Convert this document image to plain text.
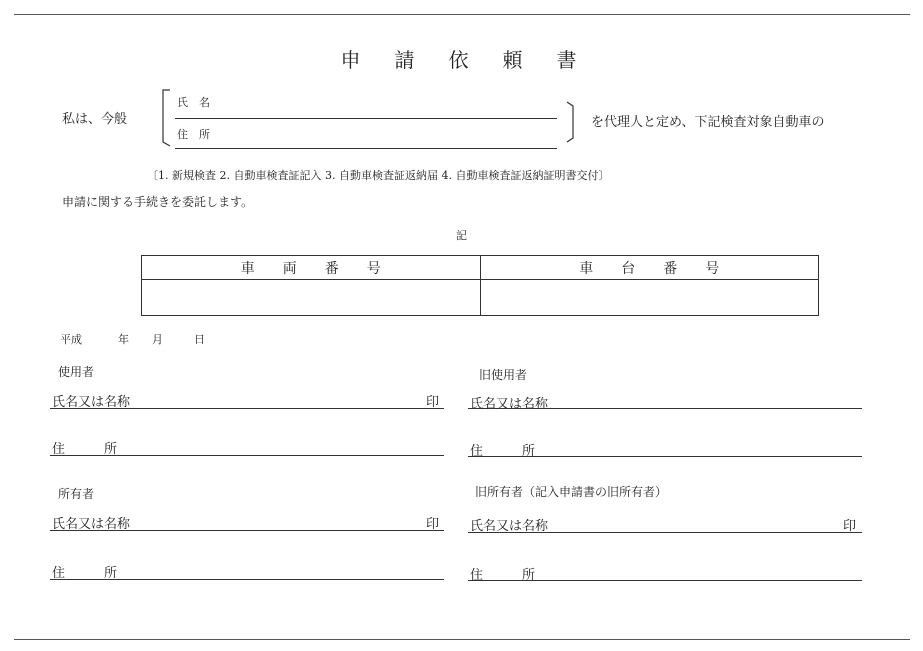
申 請 依 頼 書
私は、今般
氏　名
住　所
を代理人と定め、下記検査対象自動車の
〔1. 新規検査 2. 自動車検査証記入 3. 自動車検査証返納届 4. 自動車検査証返納証明書交付〕
申請に関する手続きを委託します。
記
車 両 番 号	車 台 番 号

平成	年 月	日
使用者
氏名又は名称	印
住　　　所
旧使用者
氏名又は名称
住　　　所
所有者
氏名又は名称	印
住　　　所
旧所有者（記入申請書の旧所有者）
氏名又は名称	印
住　　　所
